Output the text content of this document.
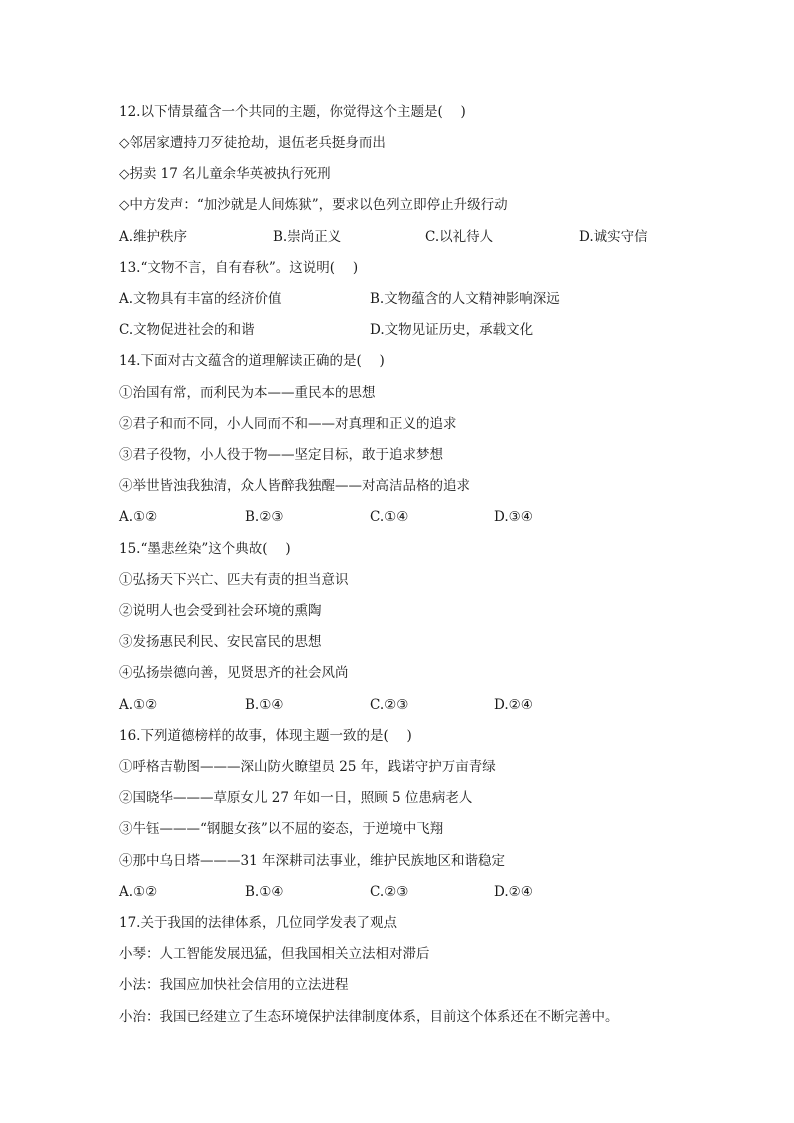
12.以下情景蕴含一个共同的主题，你觉得这个主题是(　 )
◇邻居家遭持刀歹徒抢劫，退伍老兵挺身而出
◇拐卖 17 名儿童余华英被执行死刑
◇中方发声：“加沙就是人间炼狱”，要求以色列立即停止升级行动
A.维护秩序	B.崇尚正义	C.以礼待人	D.诚实守信
13.“文物不言，自有春秋”。这说明(　 )
A.文物具有丰富的经济价值	B.文物蕴含的人文精神影响深远
C.文物促进社会的和谐	D.文物见证历史，承载文化
14.下面对古文蕴含的道理解读正确的是(　 )
①治国有常，而利民为本——重民本的思想
②君子和而不同，小人同而不和——对真理和正义的追求
③君子役物，小人役于物——坚定目标，敢于追求梦想
④举世皆浊我独清，众人皆醉我独醒——对高洁品格的追求
A.①②	B.②③	C.①④	D.③④
15.“墨悲丝染”这个典故(　 )
①弘扬天下兴亡、匹夫有责的担当意识
②说明人也会受到社会环境的熏陶
③发扬惠民利民、安民富民的思想
④弘扬崇德向善，见贤思齐的社会风尚
A.①②	B.①④	C.②③	D.②④
16.下列道德榜样的故事，体现主题一致的是(　 )
①呼格吉勒图———深山防火瞭望员 25 年，践诺守护万亩青绿
②国晓华———草原女儿 27 年如一日，照顾 5 位患病老人
③牛钰———“钢腿女孩”以不屈的姿态，于逆境中飞翔
④那中乌日塔———31 年深耕司法事业，维护民族地区和谐稳定
A.①②	B.①④	C.②③	D.②④
17.关于我国的法律体系，几位同学发表了观点
小琴：人工智能发展迅猛，但我国相关立法相对滞后
小法：我国应加快社会信用的立法进程
小治：我国已经建立了生态环境保护法律制度体系，目前这个体系还在不断完善中。
